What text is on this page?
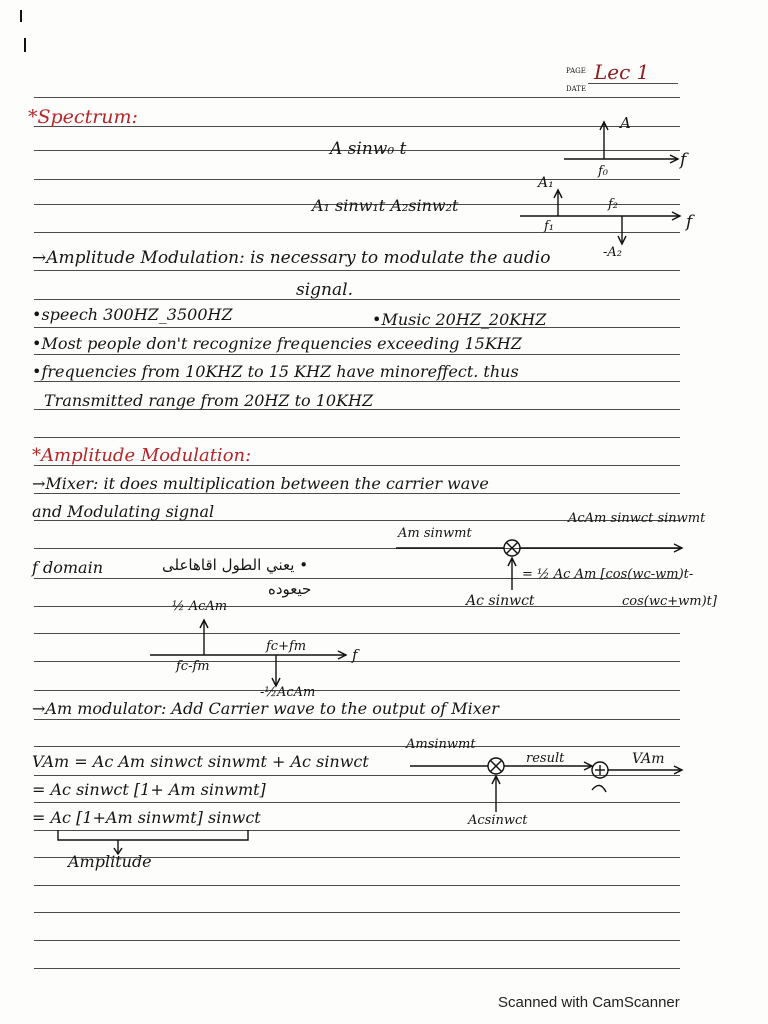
PAGE Lec 1
DATE
*Spectrum:
A sinw₀ t
A
f
f₀
A₁ sinw₁t A₂sinw₂t
A₁
f₂
f₁
-A₂
f
→Amplitude Modulation: is necessary to modulate the audio
signal.
•speech 300HZ_3500HZ	•Music 20HZ_20KHZ
•Most people don't recognize frequencies exceeding 15KHZ
•frequencies from 10KHZ to 15 KHZ have minoreffect. thus
Transmitted range from 20HZ to 10KHZ
*Amplitude Modulation:
→Mixer: it does multiplication between the carrier wave
and Modulating signal	AcAm sinwct sinwmt
Am sinwmt
f domain	• يعني الطول اقاهاعلى
حيعوده
= ½ Ac Am [cos(wc-wm)t-
cos(wc+wm)t]
Ac sinwct
½ AcAm
fc+fm	f
fc-fm
-½AcAm
→Am modulator: Add Carrier wave to the output of Mixer
Amsinwmt
result	VAm
VAm = Ac Am sinwct sinwmt + Ac sinwct
= Ac sinwct [1+ Am sinwmt]
= Ac [1+Am sinwmt] sinwct	Acsinwct
Amplitude
Scanned with CamScanner
